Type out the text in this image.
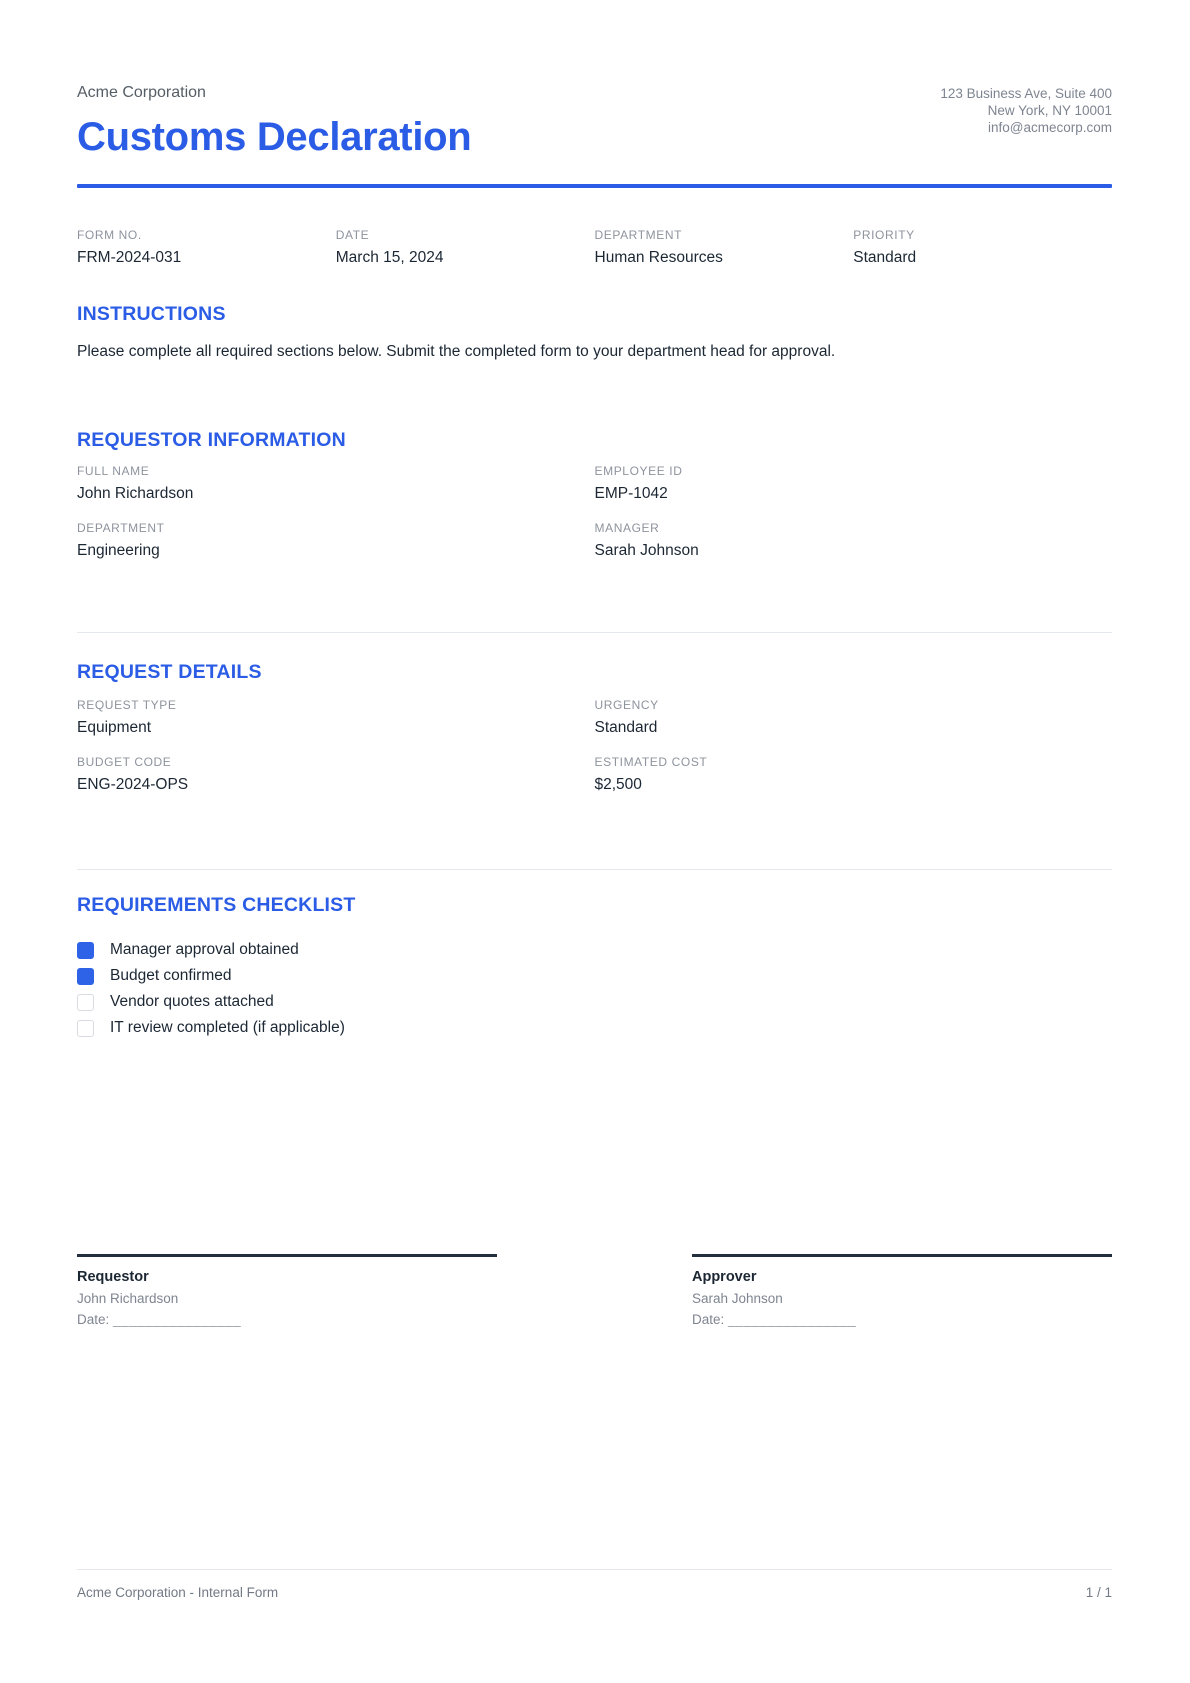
Acme Corporation
Customs Declaration
123 Business Ave, Suite 400
New York, NY 10001
info@acmecorp.com
FORM NO.
FRM-2024-031
DATE
March 15, 2024
DEPARTMENT
Human Resources
PRIORITY
Standard
INSTRUCTIONS

Please complete all required sections below. Submit the completed form to your department head for approval.

REQUESTOR INFORMATION
FULL NAME
John Richardson
EMPLOYEE ID
EMP-1042
DEPARTMENT
Engineering
MANAGER
Sarah Johnson
REQUEST DETAILS
REQUEST TYPE
Equipment
URGENCY
Standard
BUDGET CODE
ENG-2024-OPS
ESTIMATED COST
$2,500
REQUIREMENTS CHECKLIST
Manager approval obtained
Budget confirmed
Vendor quotes attached
IT review completed (if applicable)
Requestor
John Richardson
Date: ________________
Approver
Sarah Johnson
Date: ________________
Acme Corporation - Internal Form	1 / 1
